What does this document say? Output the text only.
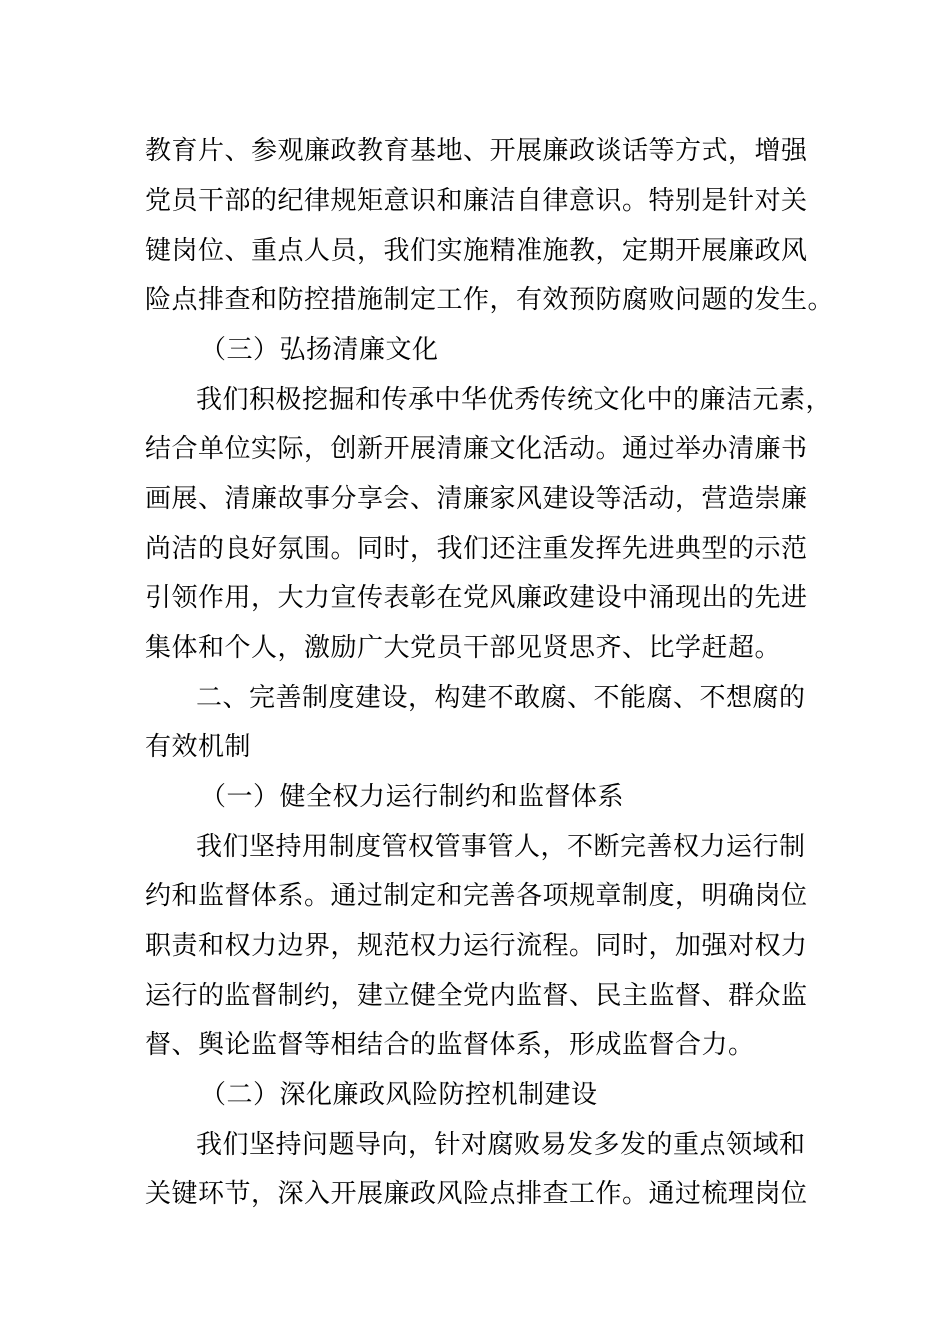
教育片、参观廉政教育基地、开展廉政谈话等方式，增强
党员干部的纪律规矩意识和廉洁自律意识。特别是针对关
键岗位、重点人员，我们实施精准施教，定期开展廉政风
险点排查和防控措施制定工作，有效预防腐败问题的发生。
（三）弘扬清廉文化
我们积极挖掘和传承中华优秀传统文化中的廉洁元素，
结合单位实际，创新开展清廉文化活动。通过举办清廉书
画展、清廉故事分享会、清廉家风建设等活动，营造崇廉
尚洁的良好氛围。同时，我们还注重发挥先进典型的示范
引领作用，大力宣传表彰在党风廉政建设中涌现出的先进
集体和个人，激励广大党员干部见贤思齐、比学赶超。
二、完善制度建设，构建不敢腐、不能腐、不想腐的
有效机制
（一）健全权力运行制约和监督体系
我们坚持用制度管权管事管人，不断完善权力运行制
约和监督体系。通过制定和完善各项规章制度，明确岗位
职责和权力边界，规范权力运行流程。同时，加强对权力
运行的监督制约，建立健全党内监督、民主监督、群众监
督、舆论监督等相结合的监督体系，形成监督合力。
（二）深化廉政风险防控机制建设
我们坚持问题导向，针对腐败易发多发的重点领域和
关键环节，深入开展廉政风险点排查工作。通过梳理岗位
